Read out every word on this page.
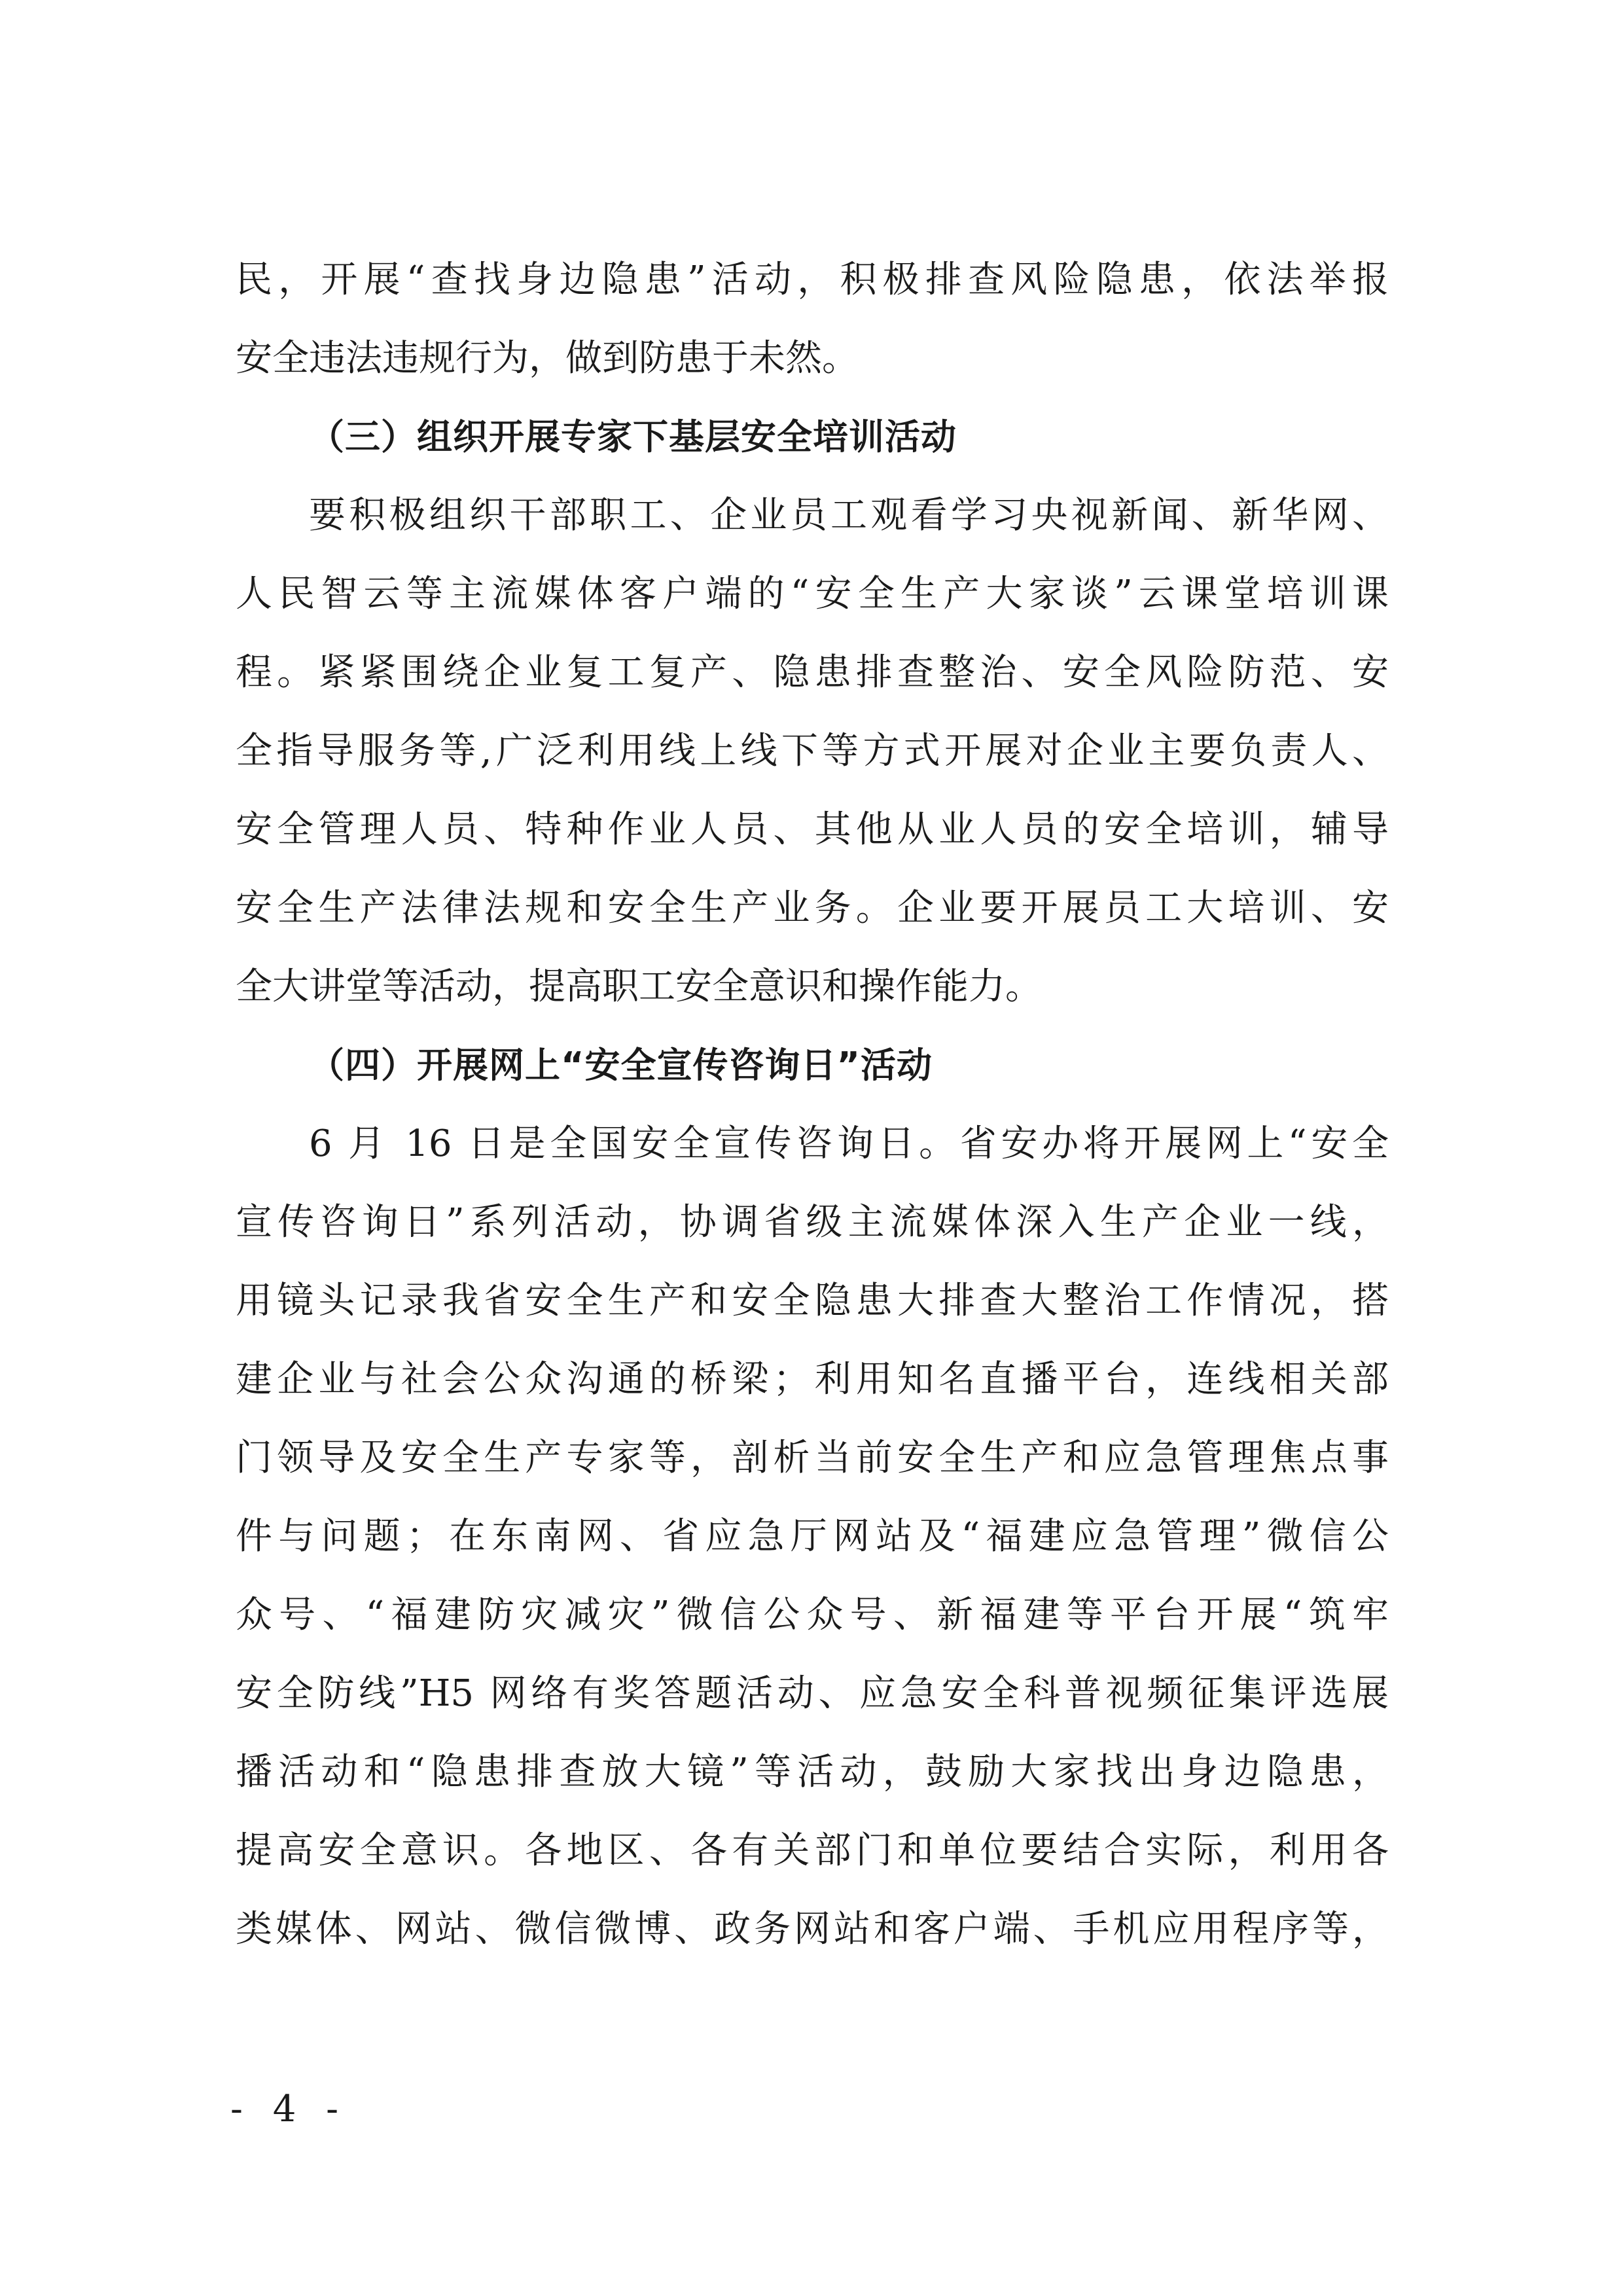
民，开展“查找身边隐患”活动，积极排查风险隐患，依法举报
安全违法违规行为，做到防患于未然。
（三）组织开展专家下基层安全培训活动
要积极组织干部职工、企业员工观看学习央视新闻、新华网、
人民智云等主流媒体客户端的“安全生产大家谈”云课堂培训课
程。紧紧围绕企业复工复产、隐患排查整治、安全风险防范、安
全指导服务等,广泛利用线上线下等方式开展对企业主要负责人、
安全管理人员、特种作业人员、其他从业人员的安全培训，辅导
安全生产法律法规和安全生产业务。企业要开展员工大培训、安
全大讲堂等活动，提高职工安全意识和操作能力。
（四）开展网上“安全宣传咨询日”活动
6 月 16 日是全国安全宣传咨询日。省安办将开展网上“安全
宣传咨询日”系列活动，协调省级主流媒体深入生产企业一线，
用镜头记录我省安全生产和安全隐患大排查大整治工作情况，搭
建企业与社会公众沟通的桥梁；利用知名直播平台，连线相关部
门领导及安全生产专家等，剖析当前安全生产和应急管理焦点事
件与问题；在东南网、省应急厅网站及“福建应急管理”微信公
众号、“福建防灾减灾”微信公众号、新福建等平台开展“筑牢
安全防线”H5 网络有奖答题活动、应急安全科普视频征集评选展
播活动和“隐患排查放大镜”等活动，鼓励大家找出身边隐患，
提高安全意识。各地区、各有关部门和单位要结合实际，利用各
类媒体、网站、微信微博、政务网站和客户端、手机应用程序等，
- 4 -
